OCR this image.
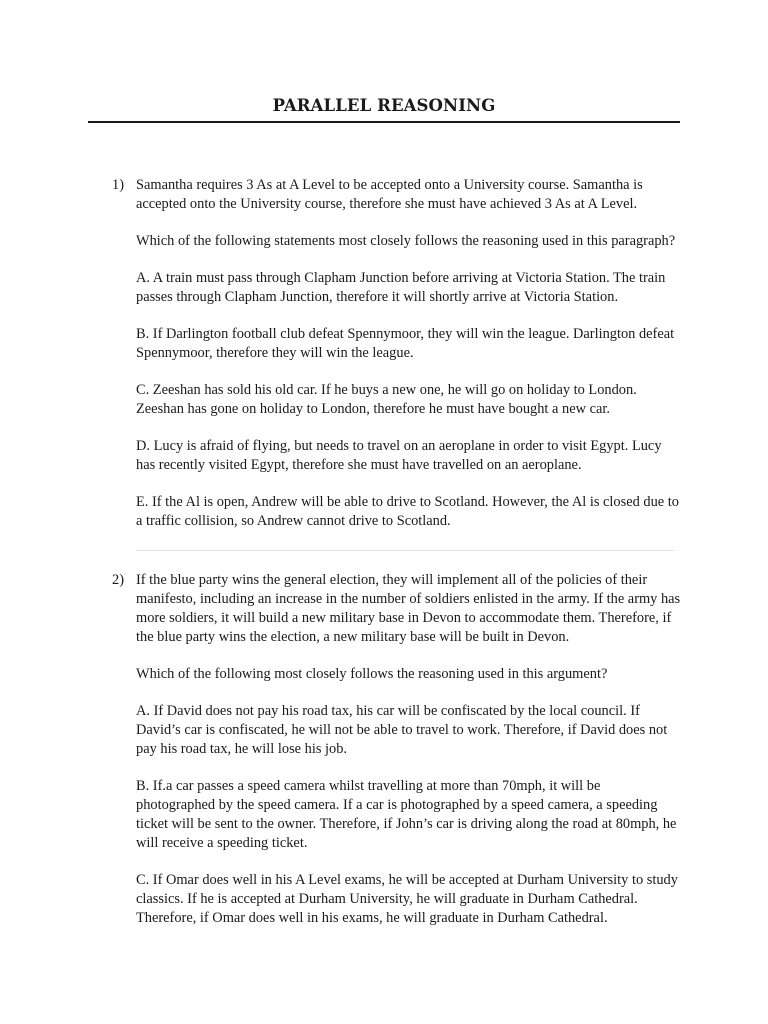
PARALLEL REASONING
1) Samantha requires 3 As at A Level to be accepted onto a University course. Samantha is accepted onto the University course, therefore she must have achieved 3 As at A Level.

Which of the following statements most closely follows the reasoning used in this paragraph?

A. A train must pass through Clapham Junction before arriving at Victoria Station. The train passes through Clapham Junction, therefore it will shortly arrive at Victoria Station.

B. If Darlington football club defeat Spennymoor, they will win the league. Darlington defeat Spennymoor, therefore they will win the league.

C. Zeeshan has sold his old car. If he buys a new one, he will go on holiday to London. Zeeshan has gone on holiday to London, therefore he must have bought a new car.

D. Lucy is afraid of flying, but needs to travel on an aeroplane in order to visit Egypt. Lucy has recently visited Egypt, therefore she must have travelled on an aeroplane.

E. If the Al is open, Andrew will be able to drive to Scotland. However, the Al is closed due to a traffic collision, so Andrew cannot drive to Scotland.

2) If the blue party wins the general election, they will implement all of the policies of their manifesto, including an increase in the number of soldiers enlisted in the army. If the army has more soldiers, it will build a new military base in Devon to accommodate them. Therefore, if the blue party wins the election, a new military base will be built in Devon.

Which of the following most closely follows the reasoning used in this argument?

A. If David does not pay his road tax, his car will be confiscated by the local council. If David’s car is confiscated, he will not be able to travel to work. Therefore, if David does not pay his road tax, he will lose his job.

B. If.a car passes a speed camera whilst travelling at more than 70mph, it will be photographed by the speed camera. If a car is photographed by a speed camera, a speeding ticket will be sent to the owner. Therefore, if John’s car is driving along the road at 80mph, he will receive a speeding ticket.

C. If Omar does well in his A Level exams, he will be accepted at Durham University to study classics. If he is accepted at Durham University, he will graduate in Durham Cathedral. Therefore, if Omar does well in his exams, he will graduate in Durham Cathedral.
